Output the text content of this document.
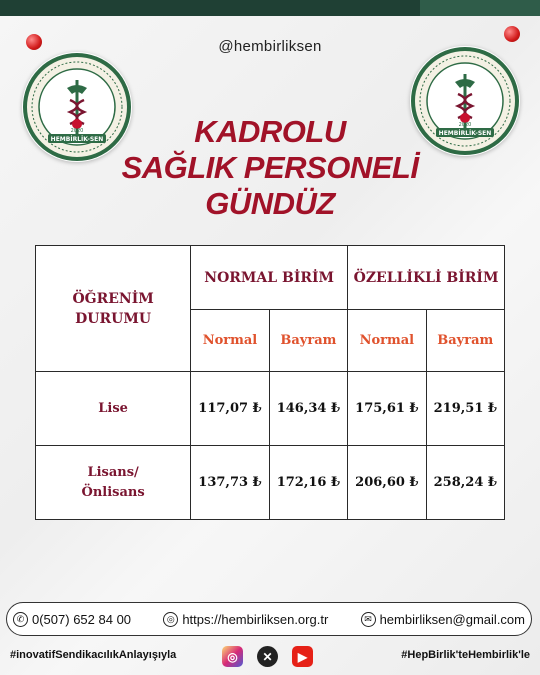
HEMBİRLİK-SEN
2020	HEMBİRLİK-SEN
2020
@hembirliksen
KADROLU
SAĞLIK PERSONELİ
GÜNDÜZ
ÖĞRENİM DURUMU	NORMAL BİRİM		ÖZELLİKLİ BİRİM	
	Normal	Bayram	Normal	Bayram
Lise	117,07 ₺	146,34 ₺	175,61 ₺	219,51 ₺
Lisans/ Önlisans	137,73 ₺	172,16 ₺	206,60 ₺	258,24 ₺
✆ 0(507) 652 84 00	◎ https://hembirliksen.org.tr	✉ hembirliksen@gmail.com
#inovatifSendikacılıkAnlayışıyla	◎	✕	▶	#HepBirlik'teHembirlik'le
